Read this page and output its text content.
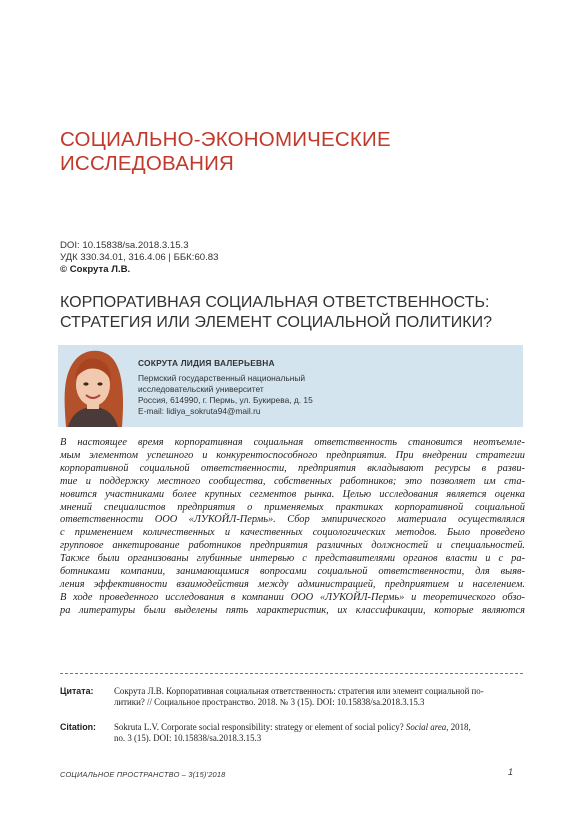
СОЦИАЛЬНО-ЭКОНОМИЧЕСКИЕ
ИССЛЕДОВАНИЯ
DOI: 10.15838/sa.2018.3.15.3
УДК 330.34.01, 316.4.06 | ББК:60.83
© Сокрута Л.В.
КОРПОРАТИВНАЯ СОЦИАЛЬНАЯ ОТВЕТСТВЕННОСТЬ:
СТРАТЕГИЯ ИЛИ ЭЛЕМЕНТ СОЦИАЛЬНОЙ ПОЛИТИКИ?
СОКРУТА ЛИДИЯ ВАЛЕРЬЕВНА
Пермский государственный национальный
исследовательский университет
Россия, 614990, г. Пермь, ул. Букирева, д. 15
E-mail: lidiya_sokruta94@mail.ru

В настоящее время корпоративная социальная ответственность становится неотъемле-
мым элементом успешного и конкурентоспособного предприятия. При внедрении стратегии
корпоративной социальной ответственности, предприятия вкладывают ресурсы в разви-
тие и поддержку местного сообщества, собственных работников; это позволяет им ста-
новится участниками более крупных сегментов рынка. Целью исследования является оценка
мнений специалистов предприятия о применяемых практиках корпоративной социальной
ответственности ООО «ЛУКОЙЛ-Пермь». Сбор эмпирического материала осуществлялся
с применением количественных и качественных социологических методов. Было проведено
групповое анкетирование работников предприятия различных должностей и специальностей.
Также были организованы глубинные интервью с представителями органов власти и с ра-
ботниками компании, занимающимися вопросами социальной ответственности, для выяв-
ления эффективности взаимодействия между администрацией, предприятием и населением.
В ходе проведенного исследования в компании ООО «ЛУКОЙЛ-Пермь» и теоретического обзо-
ра литературы были выделены пять характеристик, их классификации, которые являются

Цитата: Сокрута Л.В. Корпоративная социальная ответственность: стратегия или элемент социальной по-
литики? // Социальное пространство. 2018. № 3 (15). DOI: 10.15838/sa.2018.3.15.3
Citation: Sokruta L.V. Corporate social responsibility: strategy or element of social policy? Social area, 2018,
no. 3 (15). DOI: 10.15838/sa.2018.3.15.3
СОЦИАЛЬНОЕ ПРОСТРАНСТВО – 3(15)'2018	1
